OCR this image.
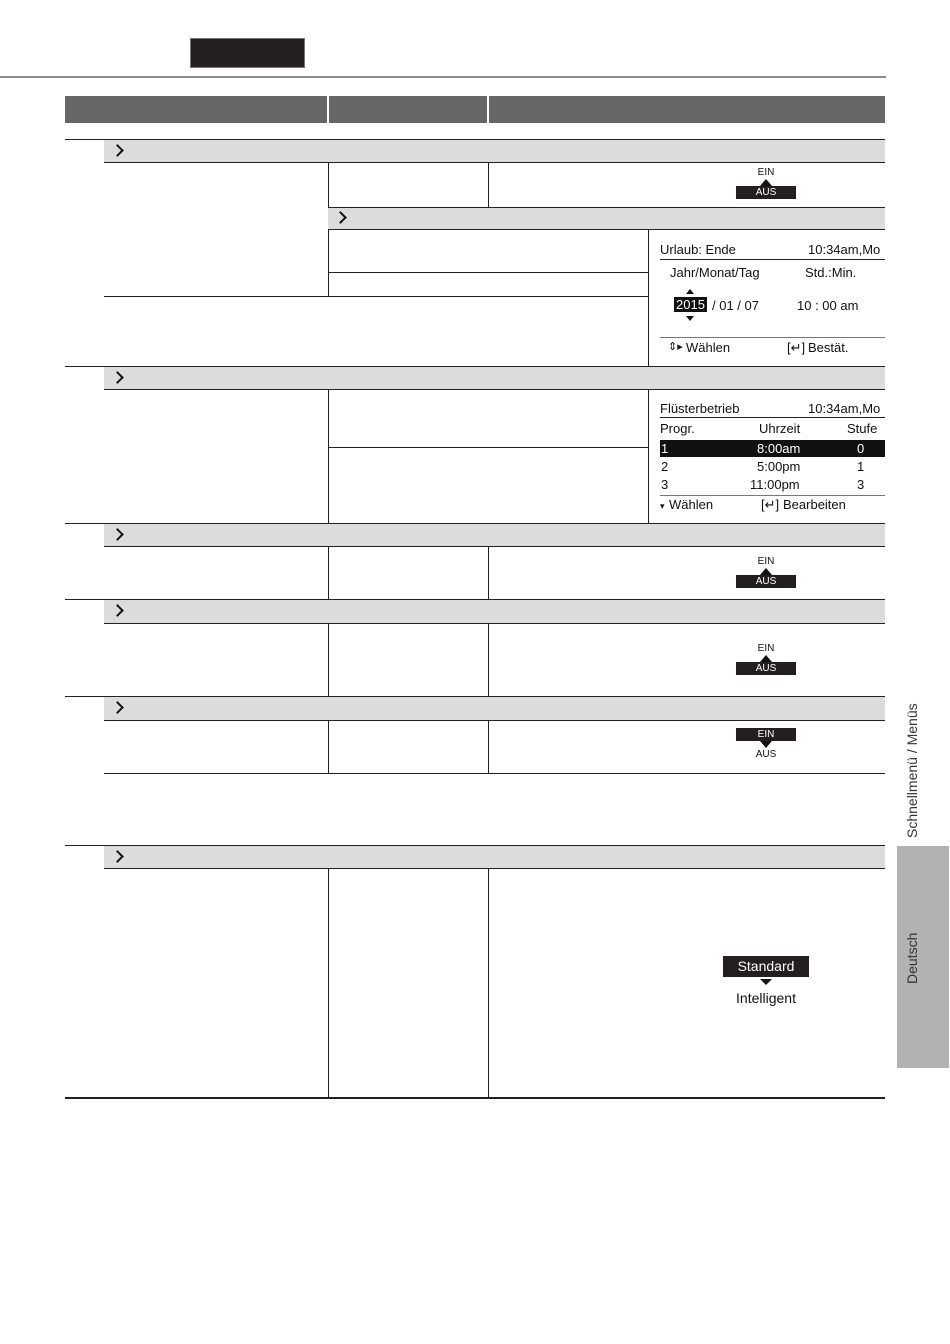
EIN
AUS
Urlaub: Ende	10:34am,Mo
Jahr/Monat/Tag	Std.:Min.
2015 / 01 / 07	10 : 00 am
⇕▸ Wählen	[↵] Bestät.
Flüsterbetrieb	10:34am,Mo
Progr.	Uhrzeit	Stufe
1	8:00am	0
2	5:00pm	1
3	11:00pm	3
▾ Wählen	[↵] Bearbeiten
EIN
AUS
EIN
AUS
EIN
AUS
Standard
Intelligent
Schnellmenü / Menüs
Deutsch
